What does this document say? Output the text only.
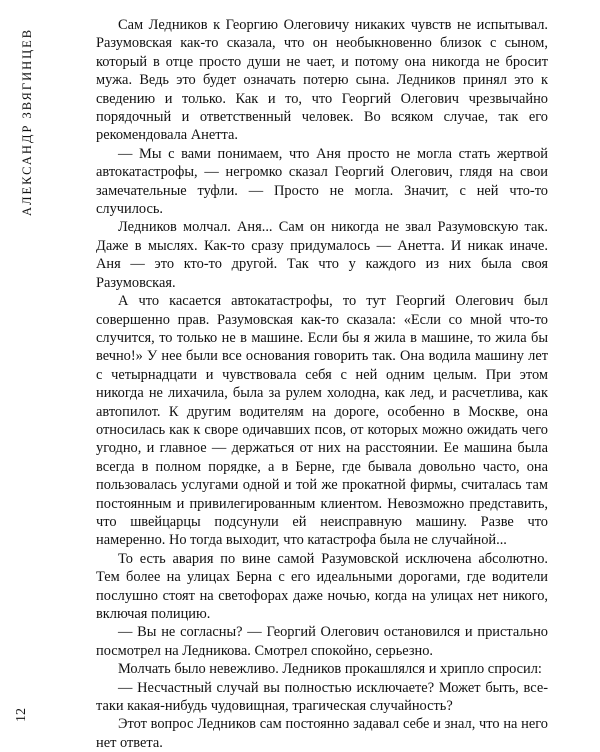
АЛЕКСАНДР ЗВЯГИНЦЕВ
12

Сам Ледников к Георгию Олеговичу никаких чувств не испытывал. Разумовская как-то сказала, что он необыкновенно близок с сыном, который в отце просто души не чает, и потому она никогда не бросит мужа. Ведь это будет означать потерю сына. Ледников принял это к сведению и только. Как и то, что Георгий Олегович чрезвычайно порядочный и ответственный человек. Во всяком случае, так его рекомендовала Анетта.

— Мы с вами понимаем, что Аня просто не могла стать жертвой автокатастрофы, — негромко сказал Георгий Олегович, глядя на свои замечательные туфли. — Просто не могла. Значит, с ней что-то случилось.

Ледников молчал. Аня... Сам он никогда не звал Разумовскую так. Даже в мыслях. Как-то сразу придумалось — Анетта. И никак иначе. Аня — это кто-то другой. Так что у каждого из них была своя Разумовская.

А что касается автокатастрофы, то тут Георгий Олегович был совершенно прав. Разумовская как-то сказала: «Если со мной что-то случится, то только не в машине. Если бы я жила в машине, то жила бы вечно!» У нее были все основания говорить так. Она водила машину лет с четырнадцати и чувствовала себя с ней одним целым. При этом никогда не лихачила, была за рулем холодна, как лед, и расчетлива, как автопилот. К другим водителям на дороге, особенно в Москве, она относилась как к своре одичавших псов, от которых можно ожидать чего угодно, и главное — держаться от них на расстоянии. Ее машина была всегда в полном порядке, а в Берне, где бывала довольно часто, она пользовалась услугами одной и той же прокатной фирмы, считалась там постоянным и привилегированным клиентом. Невозможно представить, что швейцарцы подсунули ей неисправную машину. Разве что намеренно. Но тогда выходит, что катастрофа была не случайной...

То есть авария по вине самой Разумовской исключена абсолютно. Тем более на улицах Берна с его идеальными дорогами, где водители послушно стоят на светофорах даже ночью, когда на улицах нет никого, включая полицию.

— Вы не согласны? — Георгий Олегович остановился и пристально посмотрел на Ледникова. Смотрел спокойно, серьезно.

Молчать было невежливо. Ледников прокашлялся и хрипло спросил:

— Несчастный случай вы полностью исключаете? Может быть, все-таки какая-нибудь чудовищная, трагическая случайность?

Этот вопрос Ледников сам постоянно задавал себе и знал, что на него нет ответа.
